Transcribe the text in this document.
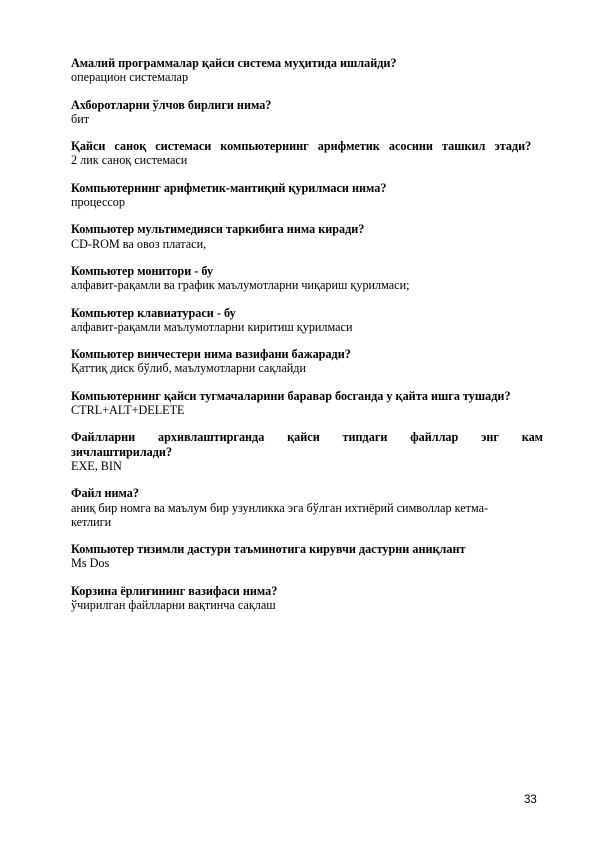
Амалий программалар қайси система муҳитида ишлайди?

операцион системалар

Ахборотларни ўлчов бирлиги нима?

бит

Қайси саноқ системаси компьютернинг арифметик асосини ташкил этади?

2 лик саноқ системаси

Компьютернинг арифметик-мантиқий қурилмаси нима?

процессор

Компьютер мультимедияси таркибига нима киради?

CD-ROM ва овоз платаси,

Компьютер монитори - бу

алфавит-рақамли ва график маълумотларни чиқариш қурилмаси;

Компьютер клавиатураси - бу

алфавит-рақамли маълумотларни киритиш қурилмаси

Компьютер винчестери нима вазифани бажаради?

Қаттиқ диск бўлиб, маълумотларни сақлайди

Компьютернинг қайси тугмачаларини баравар босганда у қайта ишга тушади?

CTRL+ALT+DELETE

Файлларни архивлаштирганда қайси типдаги файллар энг кам зичлаштирилади?

EXE, BIN

Файл нима?

аниқ бир номга ва маълум бир узунликка эга бўлган ихтиёрий символлар кетма-кетлиги

Компьютер тизимли дастури таъминотига кирувчи дастурни аниқлант

Ms Dos

Корзина ёрлиғининг вазифаси нима?

ўчирилган файлларни вақтинча сақлаш

33
